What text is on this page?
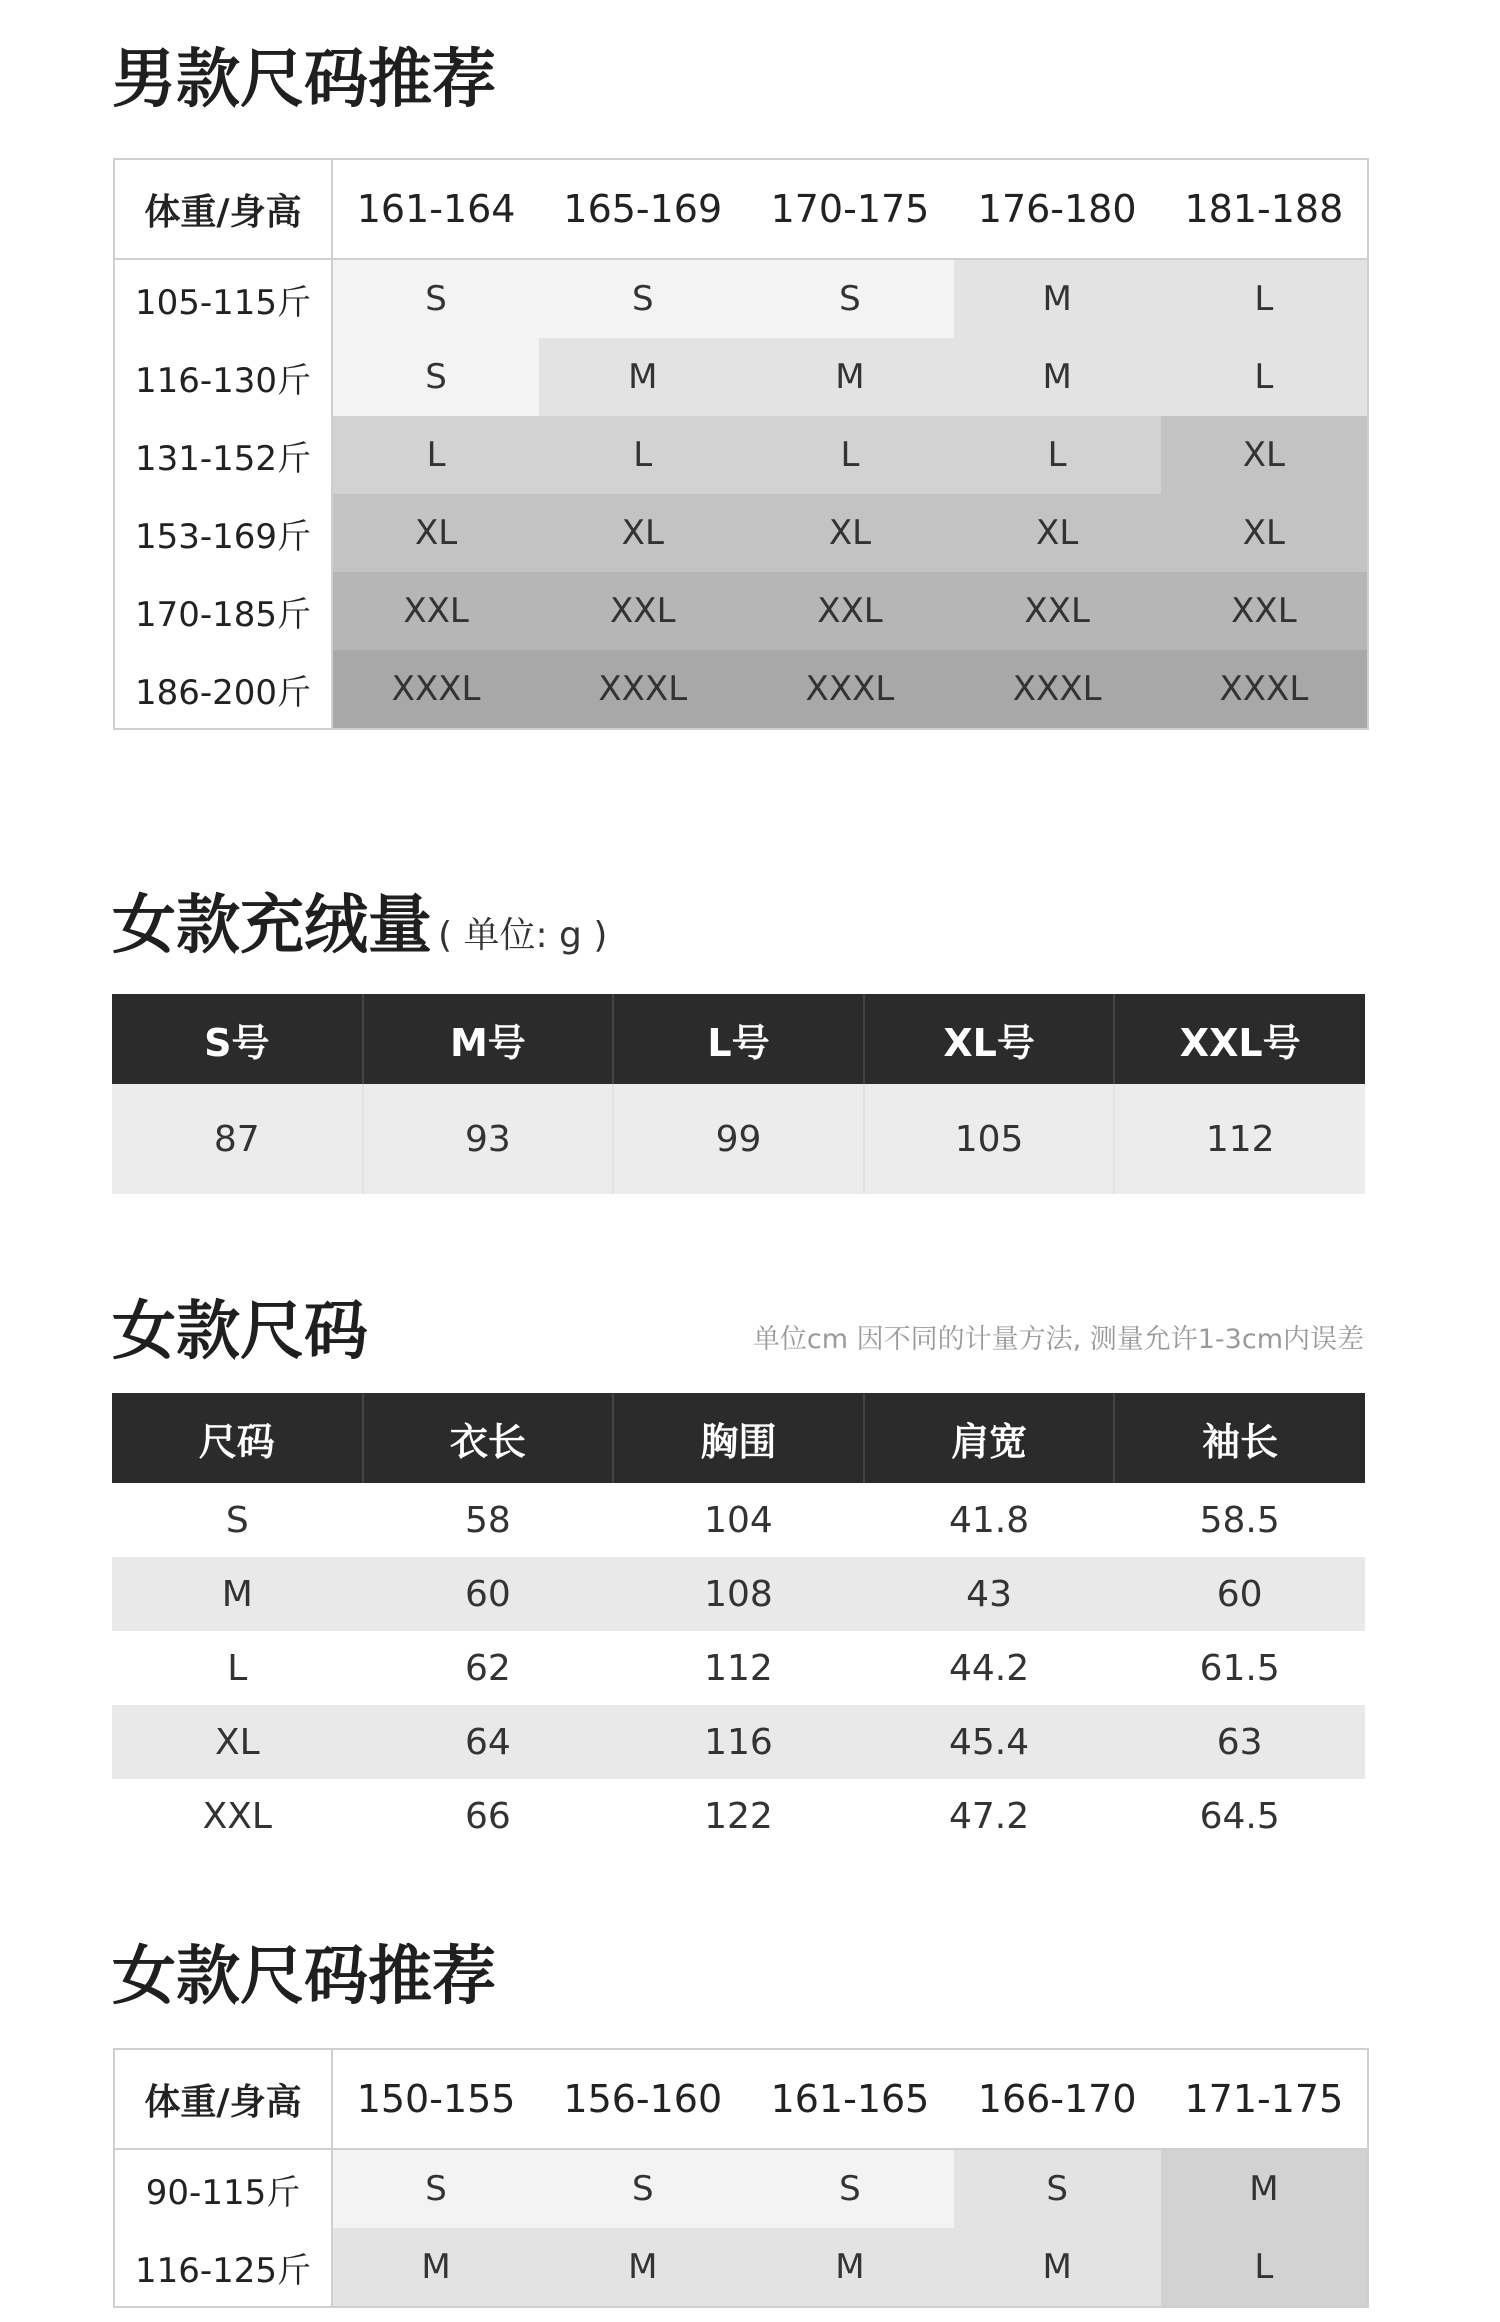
男款尺码推荐
体重/身高	161-164	165-169	170-175	176-180	181-188
105-115斤	S	S	S	M	L
116-130斤	S	M	M	M	L
131-152斤	L	L	L	L	XL
153-169斤	XL	XL	XL	XL	XL
170-185斤	XXL	XXL	XXL	XXL	XXL
186-200斤	XXXL	XXXL	XXXL	XXXL	XXXL
女款充绒量 ( 单位: g )
S号	M号	L号	XL号	XXL号
87	93	99	105	112
女款尺码	单位cm 因不同的计量方法, 测量允许1-3cm内误差
尺码	衣长	胸围	肩宽	袖长
S	58	104	41.8	58.5
M	60	108	43	60
L	62	112	44.2	61.5
XL	64	116	45.4	63
XXL	66	122	47.2	64.5
女款尺码推荐
体重/身高	150-155	156-160	161-165	166-170	171-175
90-115斤	S	S	S	S	M
116-125斤	M	M	M	M	L
